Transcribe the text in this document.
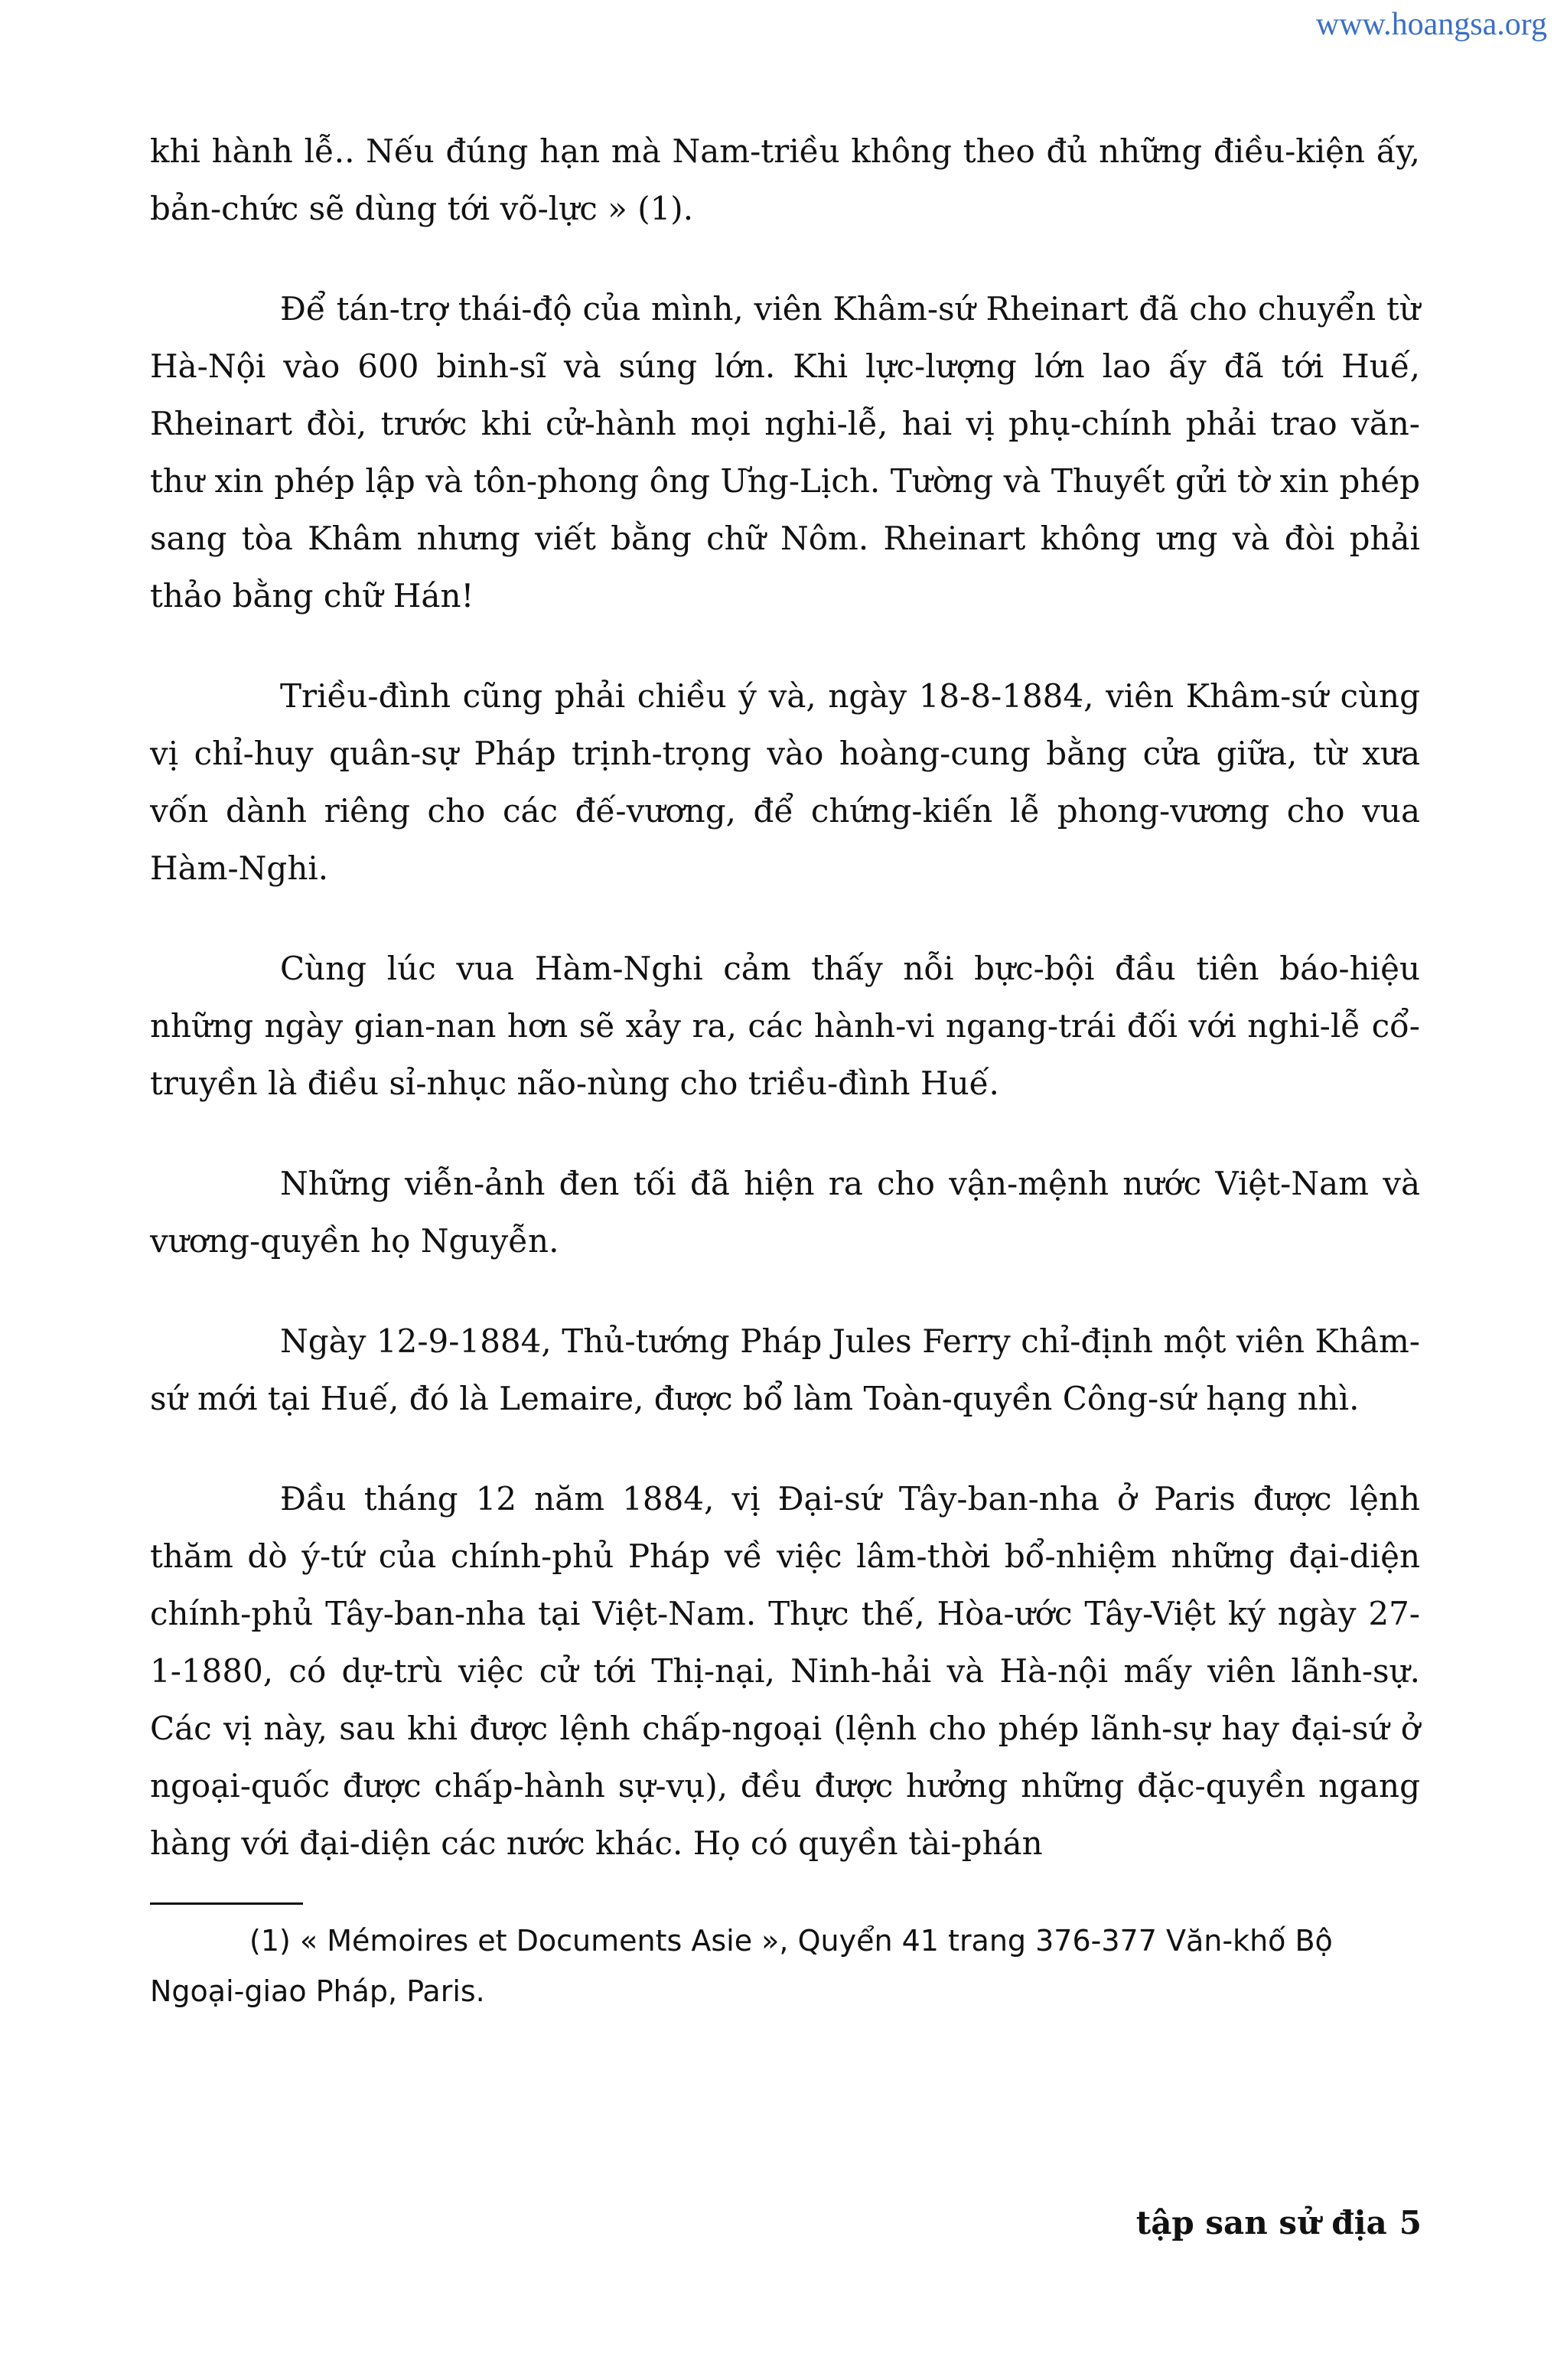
www.hoangsa.org

khi hành lễ.. Nếu đúng hạn mà Nam-triều không theo đủ những điều-kiện ấy, bản-chức sẽ dùng tới võ-lực » (1).

Để tán-trợ thái-độ của mình, viên Khâm-sứ Rheinart đã cho chuyển từ Hà-Nội vào 600 binh-sĩ và súng lớn. Khi lực-lượng lớn lao ấy đã tới Huế, Rheinart đòi, trước khi cử-hành mọi nghi-lễ, hai vị phụ-chính phải trao văn-thư xin phép lập và tôn-phong ông Ưng-Lịch. Tường và Thuyết gửi tờ xin phép sang tòa Khâm nhưng viết bằng chữ Nôm. Rheinart không ưng và đòi phải thảo bằng chữ Hán!

Triều-đình cũng phải chiều ý và, ngày 18-8-1884, viên Khâm-sứ cùng vị chỉ-huy quân-sự Pháp trịnh-trọng vào hoàng-cung bằng cửa giữa, từ xưa vốn dành riêng cho các đế-vương, để chứng-kiến lễ phong-vương cho vua Hàm-Nghi.

Cùng lúc vua Hàm-Nghi cảm thấy nỗi bực-bội đầu tiên báo-hiệu những ngày gian-nan hơn sẽ xảy ra, các hành-vi ngang-trái đối với nghi-lễ cổ-truyền là điều sỉ-nhục não-nùng cho triều-đình Huế.

Những viễn-ảnh đen tối đã hiện ra cho vận-mệnh nước Việt-Nam và vương-quyền họ Nguyễn.

Ngày 12-9-1884, Thủ-tướng Pháp Jules Ferry chỉ-định một viên Khâm-sứ mới tại Huế, đó là Lemaire, được bổ làm Toàn-quyền Công-sứ hạng nhì.

Đầu tháng 12 năm 1884, vị Đại-sứ Tây-ban-nha ở Paris được lệnh thăm dò ý-tứ của chính-phủ Pháp về việc lâm-thời bổ-nhiệm những đại-diện chính-phủ Tây-ban-nha tại Việt-Nam. Thực thế, Hòa-ước Tây-Việt ký ngày 27-1-1880, có dự-trù việc cử tới Thị-nại, Ninh-hải và Hà-nội mấy viên lãnh-sự. Các vị này, sau khi được lệnh chấp-ngoại (lệnh cho phép lãnh-sự hay đại-sứ ở ngoại-quốc được chấp-hành sự-vụ), đều được hưởng những đặc-quyền ngang hàng với đại-diện các nước khác. Họ có quyền tài-phán

(1) « Mémoires et Documents Asie », Quyển 41 trang 376-377 Văn-khố Bộ Ngoại-giao Pháp, Paris.

tập san sử địa 5
